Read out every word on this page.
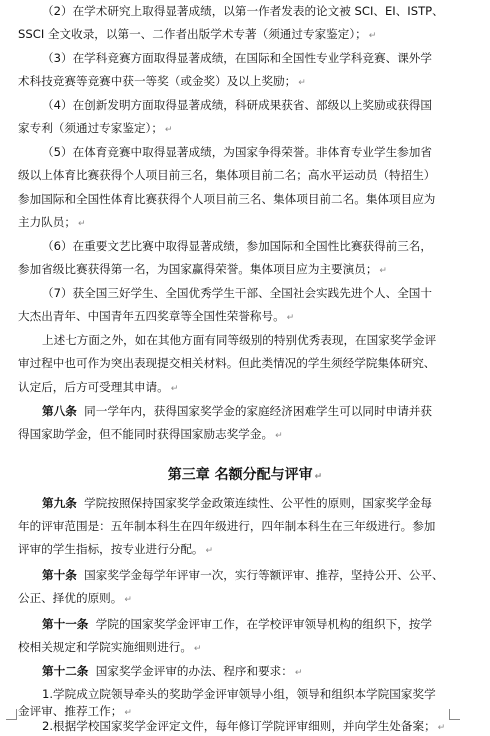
（2）在学术研究上取得显著成绩，以第一作者发表的论文被 SCI、EI、ISTP、
SSCI 全文收录，以第一、二作者出版学术专著（须通过专家鉴定）； ↵
（3）在学科竞赛方面取得显著成绩，在国际和全国性专业学科竞赛、课外学
术科技竞赛等竞赛中获一等奖（或金奖）及以上奖励； ↵
（4）在创新发明方面取得显著成绩，科研成果获省、部级以上奖励或获得国
家专利（须通过专家鉴定）； ↵
（5）在体育竞赛中取得显著成绩，为国家争得荣誉。非体育专业学生参加省
级以上体育比赛获得个人项目前三名，集体项目前二名；高水平运动员（特招生）
参加国际和全国性体育比赛获得个人项目前三名、集体项目前二名。集体项目应为
主力队员； ↵
（6）在重要文艺比赛中取得显著成绩，参加国际和全国性比赛获得前三名，
参加省级比赛获得第一名，为国家赢得荣誉。集体项目应为主要演员； ↵
（7）获全国三好学生、全国优秀学生干部、全国社会实践先进个人、全国十
大杰出青年、中国青年五四奖章等全国性荣誉称号。 ↵
上述七方面之外，如在其他方面有同等级别的特别优秀表现，在国家奖学金评
审过程中也可作为突出表现提交相关材料。但此类情况的学生须经学院集体研究、
认定后，后方可受理其申请。 ↵
第八条 同一学年内，获得国家奖学金的家庭经济困难学生可以同时申请并获
得国家助学金，但不能同时获得国家励志奖学金。 ↵
第三章 名额分配与评审 ↵
第九条 学院按照保持国家奖学金政策连续性、公平性的原则，国家奖学金每
年的评审范围是：五年制本科生在四年级进行，四年制本科生在三年级进行。参加
评审的学生指标，按专业进行分配。 ↵
第十条 国家奖学金每学年评审一次，实行等额评审、推荐，坚持公开、公平、
公正、择优的原则。 ↵
第十一条 学院的国家奖学金评审工作，在学校评审领导机构的组织下，按学
校相关规定和学院实施细则进行。 ↵
第十二条 国家奖学金评审的办法、程序和要求： ↵
1.学院成立院领导牵头的奖助学金评审领导小组，领导和组织本学院国家奖学
金评审、推荐工作； ↵
2.根据学校国家奖学金评定文件，每年修订学院评审细则，并向学生处备案； ↵
